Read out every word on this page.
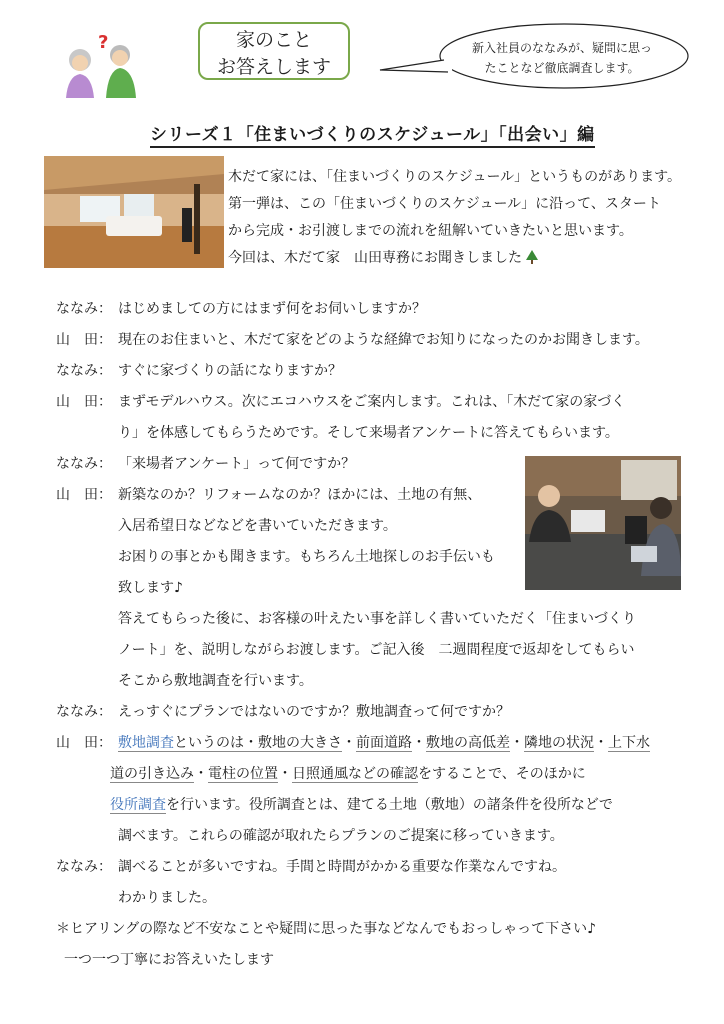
?	家のこと
お答えします
新入社員のななみが、疑問に思っ
たことなど徹底調査します。
シリーズ１「住まいづくりのスケジュール」「出会い」編
木だて家には、「住まいづくりのスケジュール」というものがあります。
第一弾は、この「住まいづくりのスケジュール」に沿って、スタート
から完成・お引渡しまでの流れを紐解いていきたいと思います。
今回は、木だて家　山田専務にお聞きしました
ななみ： はじめましての方にはまず何をお伺いしますか？
山　田： 現在のお住まいと、木だて家をどのような経緯でお知りになったのかお聞きします。
ななみ： すぐに家づくりの話になりますか？
山　田： まずモデルハウス。次にエコハウスをご案内します。これは、「木だて家の家づく
り」を体感してもらうためです。そして来場者アンケートに答えてもらいます。
ななみ： 「来場者アンケート」って何ですか？
山　田： 新築なのか？リフォームなのか？ほかには、土地の有無、
入居希望日などなどを書いていただきます。
お困りの事とかも聞きます。もちろん土地探しのお手伝いも
致します♪
答えてもらった後に、お客様の叶えたい事を詳しく書いていただく「住まいづくり
ノート」を、説明しながらお渡します。ご記入後　二週間程度で返却をしてもらい
そこから敷地調査を行います。
ななみ： えっすぐにプランではないのですか？敷地調査って何ですか？
山　田： 敷地調査というのは・敷地の大きさ・前面道路・敷地の高低差・隣地の状況・上下水
道の引き込み・電柱の位置・日照通風などの確認をすることで、そのほかに
役所調査を行います。役所調査とは、建てる土地（敷地）の諸条件を役所などで
調べます。これらの確認が取れたらプランのご提案に移っていきます。
ななみ： 調べることが多いですね。手間と時間がかかる重要な作業なんですね。
わかりました。
＊ヒアリングの際など不安なことや疑問に思った事などなんでもおっしゃって下さい♪
一つ一つ丁寧にお答えいたします
